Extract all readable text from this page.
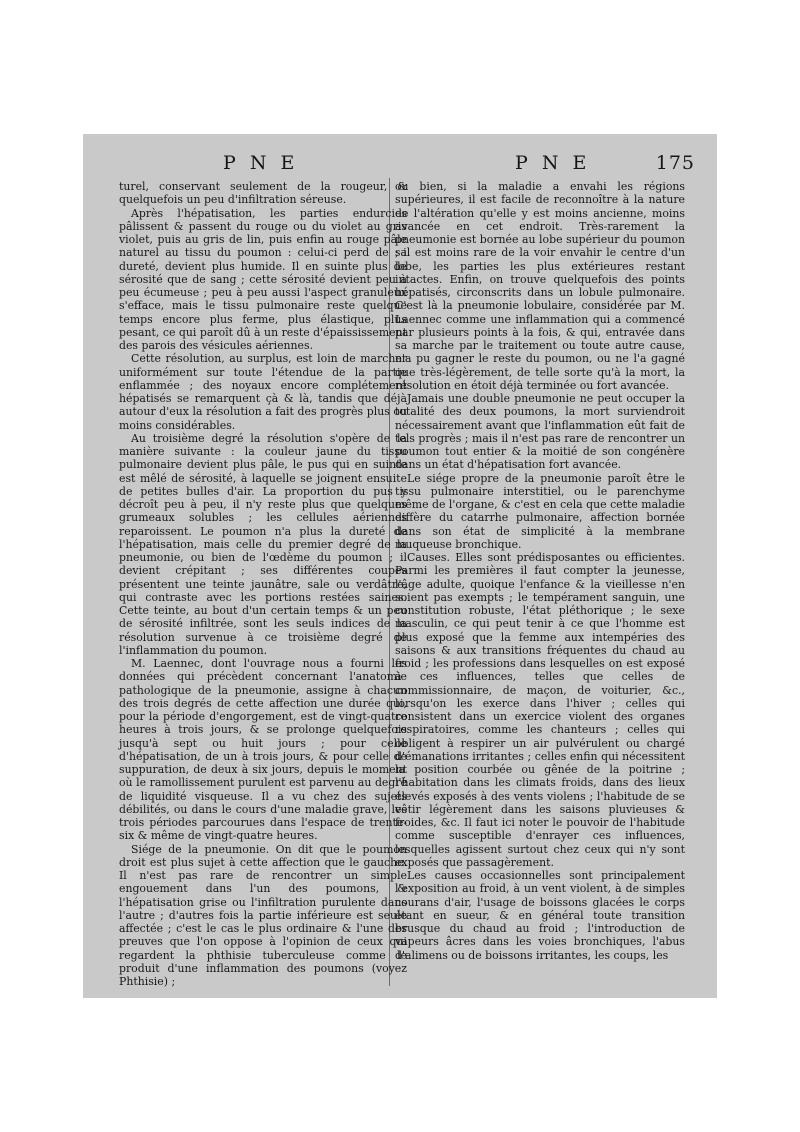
P N E	P N E	175

turel, conservant seulement de la rougeur, & quelquefois un peu d'infiltration séreuse.

Après l'hépatisation, les parties endurcies pâlissent & passent du rouge ou du violet au gris violet, puis au gris de lin, puis enfin au rouge pâle naturel au tissu du poumon : celui-ci perd de sa dureté, devient plus humide. Il en suinte plus de sérosité que de sang ; cette sérosité devient peu à peu écumeuse ; peu à peu aussi l'aspect granuleux s'efface, mais le tissu pulmonaire reste quelque temps encore plus ferme, plus élastique, plus pesant, ce qui paroît dû à un reste d'épaississement des parois des vésicules aériennes.

Cette résolution, au surplus, est loin de marcher uniformément sur toute l'étendue de la partie enflammée ; des noyaux encore complétement hépatisés se remarquent çà & là, tandis que déjà autour d'eux la résolution a fait des progrès plus ou moins considérables.

Au troisième degré la résolution s'opère de la manière suivante : la couleur jaune du tissu pulmonaire devient plus pâle, le pus qui en suinte est mêlé de sérosité, à laquelle se joignent ensuite de petites bulles d'air. La proportion du pus y décroît peu à peu, il n'y reste plus que quelques grumeaux solubles ; les cellules aériennes reparoissent. Le poumon n'a plus la dureté de l'hépatisation, mais celle du premier degré de la pneumonie, ou bien de l'œdème du poumon ; il devient crépitant ; ses différentes coupes présentent une teinte jaunâtre, sale ou verdâtre, qui contraste avec les portions restées saines. Cette teinte, au bout d'un certain temps & un peu de sérosité infiltrée, sont les seuls indices de la résolution survenue à ce troisième degré de l'inflammation du poumon.

M. Laennec, dont l'ouvrage nous a fourni les données qui précèdent concernant l'anatomie pathologique de la pneumonie, assigne à chacun des trois degrés de cette affection une durée qui, pour la période d'engorgement, est de vingt-quatre heures à trois jours, & se prolonge quelquefois jusqu'à sept ou huit jours ; pour celle d'hépatisation, de un à trois jours, & pour celle de suppuration, de deux à six jours, depuis le moment où le ramollissement purulent est parvenu au degré de liquidité visqueuse. Il a vu chez des sujets débilités, ou dans le cours d'une maladie grave, les trois périodes parcourues dans l'espace de trente-six & même de vingt-quatre heures.

Siége de la pneumonie. On dit que le poumon droit est plus sujet à cette affection que le gauche. Il n'est pas rare de rencontrer un simple engouement dans l'un des poumons, & l'hépatisation grise ou l'infiltration purulente dans l'autre ; d'autres fois la partie inférieure est seule affectée ; c'est le cas le plus ordinaire & l'une des preuves que l'on oppose à l'opinion de ceux qui regardent la phthisie tuberculeuse comme le produit d'une inflammation des poumons (voyez Phthisie) ;

ou bien, si la maladie a envahi les régions supérieures, il est facile de reconnoître à la nature de l'altération qu'elle y est moins ancienne, moins avancée en cet endroit. Très-rarement la pneumonie est bornée au lobe supérieur du poumon ; il est moins rare de la voir envahir le centre d'un lobe, les parties les plus extérieures restant intactes. Enfin, on trouve quelquefois des points hépatisés, circonscrits dans un lobule pulmonaire. C'est là la pneumonie lobulaire, considérée par M. Laennec comme une inflammation qui a commencé par plusieurs points à la fois, & qui, entravée dans sa marche par le traitement ou toute autre cause, n'a pu gagner le reste du poumon, ou ne l'a gagné que très-légèrement, de telle sorte qu'à la mort, la résolution en étoit déjà terminée ou fort avancée.

Jamais une double pneumonie ne peut occuper la totalité des deux poumons, la mort surviendroit nécessairement avant que l'inflammation eût fait de tels progrès ; mais il n'est pas rare de rencontrer un poumon tout entier & la moitié de son congénère dans un état d'hépatisation fort avancée.

Le siége propre de la pneumonie paroît être le tissu pulmonaire interstitiel, ou le parenchyme même de l'organe, & c'est en cela que cette maladie diffère du catarrhe pulmonaire, affection bornée dans son état de simplicité à la membrane muqueuse bronchique.

Causes. Elles sont prédisposantes ou efficientes. Parmi les premières il faut compter la jeunesse, l'âge adulte, quoique l'enfance & la vieillesse n'en soient pas exempts ; le tempérament sanguin, une constitution robuste, l'état pléthorique ; le sexe masculin, ce qui peut tenir à ce que l'homme est plus exposé que la femme aux intempéries des saisons & aux transitions fréquentes du chaud au froid ; les professions dans lesquelles on est exposé à ces influences, telles que celles de commissionnaire, de maçon, de voiturier, &c., lorsqu'on les exerce dans l'hiver ; celles qui consistent dans un exercice violent des organes respiratoires, comme les chanteurs ; celles qui obligent à respirer un air pulvérulent ou chargé d'émanations irritantes ; celles enfin qui nécessitent la position courbée ou gênée de la poitrine ; l'habitation dans les climats froids, dans des lieux élevés exposés à des vents violens ; l'habitude de se vêtir légèrement dans les saisons pluvieuses & froides, &c. Il faut ici noter le pouvoir de l'habitude comme susceptible d'enrayer ces influences, lesquelles agissent surtout chez ceux qui n'y sont exposés que passagèrement.

Les causes occasionnelles sont principalement l'exposition au froid, à un vent violent, à de simples courans d'air, l'usage de boissons glacées le corps étant en sueur, & en général toute transition brusque du chaud au froid ; l'introduction de vapeurs âcres dans les voies bronchiques, l'abus d'alimens ou de boissons irritantes, les coups, les
